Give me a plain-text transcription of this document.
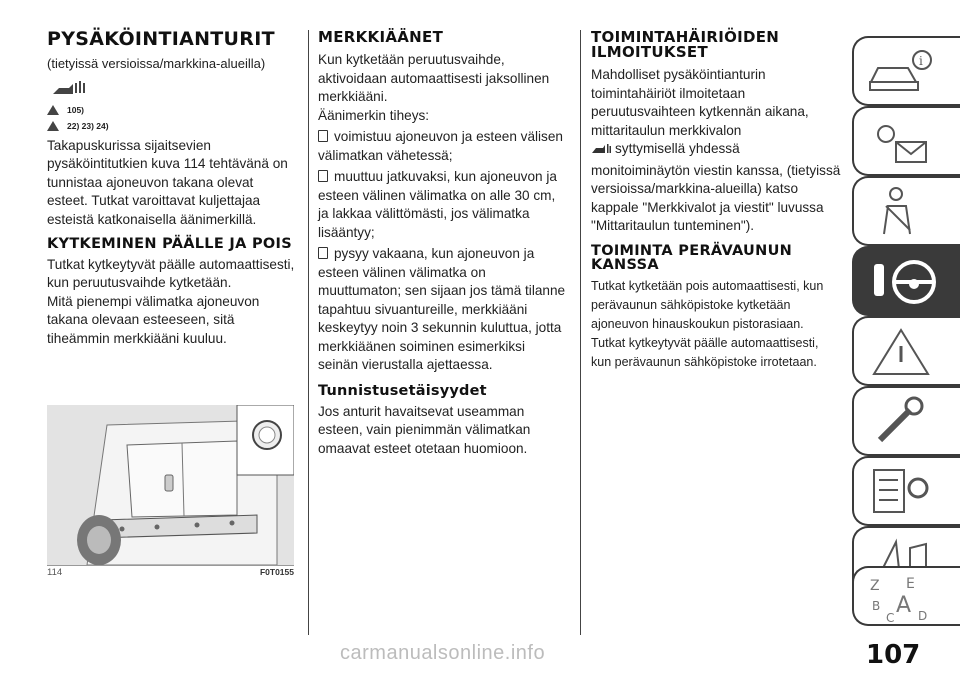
PYSÄKÖINTIANTURIT

(tietyissä versioissa/markkina-alueilla)

105)
22) 23) 24)

Takapuskurissa sijaitsevien pysäköintitutkien kuva 114 tehtävänä on tunnistaa ajoneuvon takana olevat esteet. Tutkat varoittavat kuljettajaa esteistä katkonaisella äänimerkillä.

KYTKEMINEN PÄÄLLE JA POIS

Tutkat kytkeytyvät päälle automaattisesti, kun peruutusvaihde kytketään.

Mitä pienempi välimatka ajoneuvon takana olevaan esteeseen, sitä tiheämmin merkkiääni kuuluu.

114	F0T0155
MERKKIÄÄNET

Kun kytketään peruutusvaihde, aktivoidaan automaattisesti jaksollinen merkkiääni.

Äänimerkin tiheys:

voimistuu ajoneuvon ja esteen välisen välimatkan vähetessä;

muuttuu jatkuvaksi, kun ajoneuvon ja esteen välinen välimatka on alle 30 cm, ja lakkaa välittömästi, jos välimatka lisääntyy;

pysyy vakaana, kun ajoneuvon ja esteen välinen välimatka on muuttumaton; sen sijaan jos tämä tilanne tapahtuu sivuantureille, merkkiääni keskeytyy noin 3 sekunnin kuluttua, jotta merkkiäänen soiminen esimerkiksi seinän vierustalla ajettaessa.

Tunnistusetäisyydet

Jos anturit havaitsevat useamman esteen, vain pienimmän välimatkan omaavat esteet otetaan huomioon.

TOIMINTAHÄIRIÖIDEN ILMOITUKSET

Mahdolliset pysäköintianturin toimintahäiriöt ilmoitetaan peruutusvaihteen kytkennän aikana, mittaritaulun merkkivalon
syttymisellä yhdessä monitoiminäytön viestin kanssa, (tietyissä versioissa/markkina-alueilla) katso kappale "Merkkivalot ja viestit" luvussa "Mittaritaulun tunteminen").

TOIMINTA PERÄVAUNUN KANSSA

Tutkat kytketään pois automaattisesti, kun perävaunun sähköpistoke kytketään ajoneuvon hinauskoukun pistorasiaan.

Tutkat kytkeytyvät päälle automaattisesti, kun perävaunun sähköpistoke irrotetaan.

i
Z E
B A
C D
107
carmanualsonline.info
